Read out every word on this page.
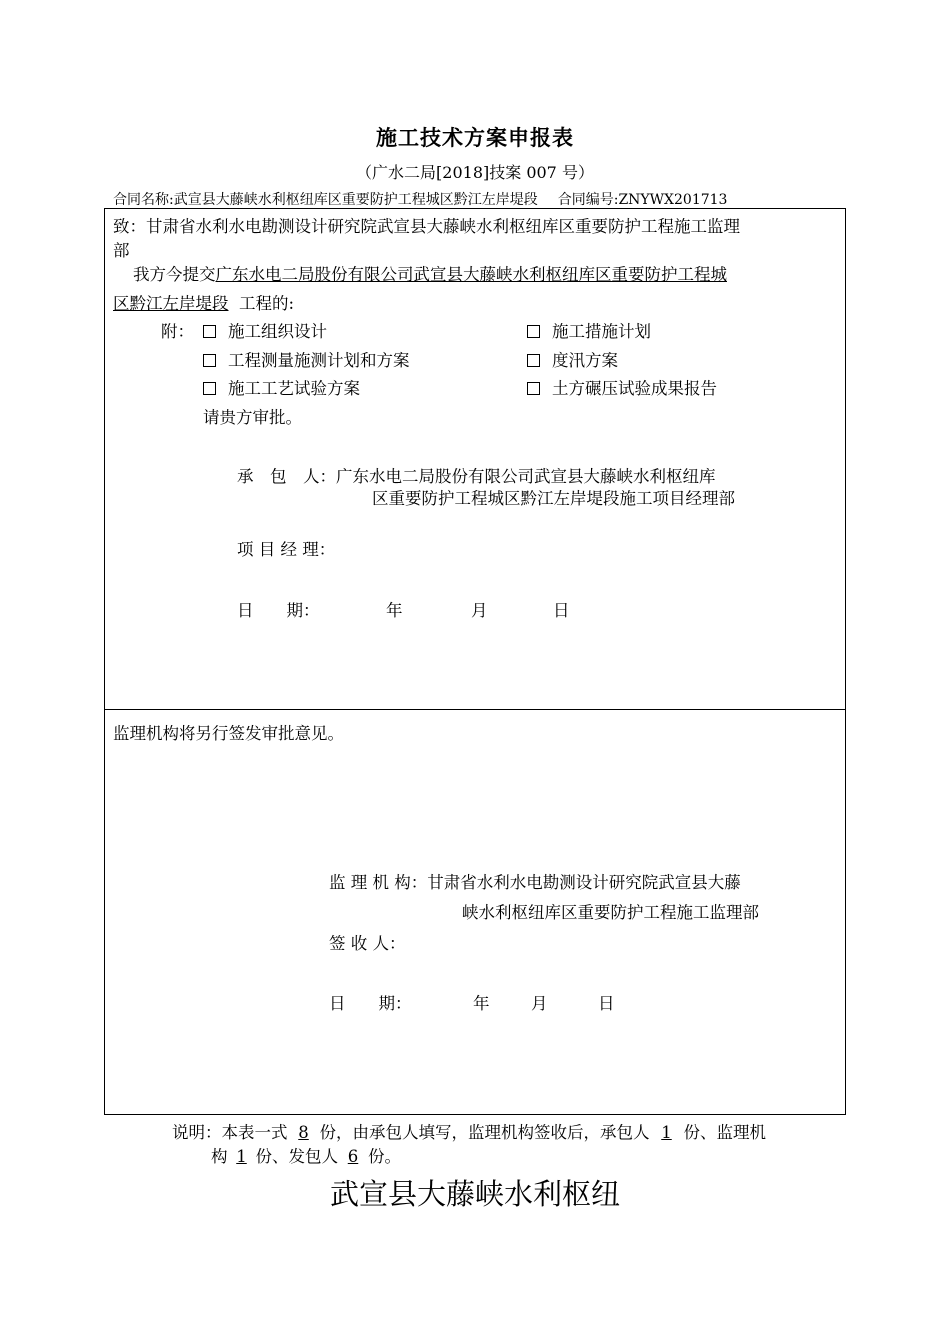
施工技术方案申报表
（广水二局[2018]技案 007 号）
合同名称:武宣县大藤峡水利枢纽库区重要防护工程城区黔江左岸堤段 合同编号:ZNYWX201713
致：甘肃省水利水电勘测设计研究院武宣县大藤峡水利枢纽库区重要防护工程施工监理
部
我方今提交广东水电二局股份有限公司武宣县大藤峡水利枢纽库区重要防护工程城
区黔江左岸堤段 工程的:
附：	施工组织设计	施工措施计划
工程测量施测计划和方案	度汛方案
施工工艺试验方案	土方碾压试验成果报告
请贵方审批。
承　包　人：广东水电二局股份有限公司武宣县大藤峡水利枢纽库
区重要防护工程城区黔江左岸堤段施工项目经理部
项 目 经 理：
日　　期：	年	月	日
监理机构将另行签发审批意见。
监 理 机 构：甘肃省水利水电勘测设计研究院武宣县大藤
峡水利枢纽库区重要防护工程施工监理部
签 收 人：
日　　期：	年	月	日
说明：本表一式 8 份，由承包人填写，监理机构签收后，承包人 1 份、监理机
构 1 份、发包人 6 份。
武宣县大藤峡水利枢纽
